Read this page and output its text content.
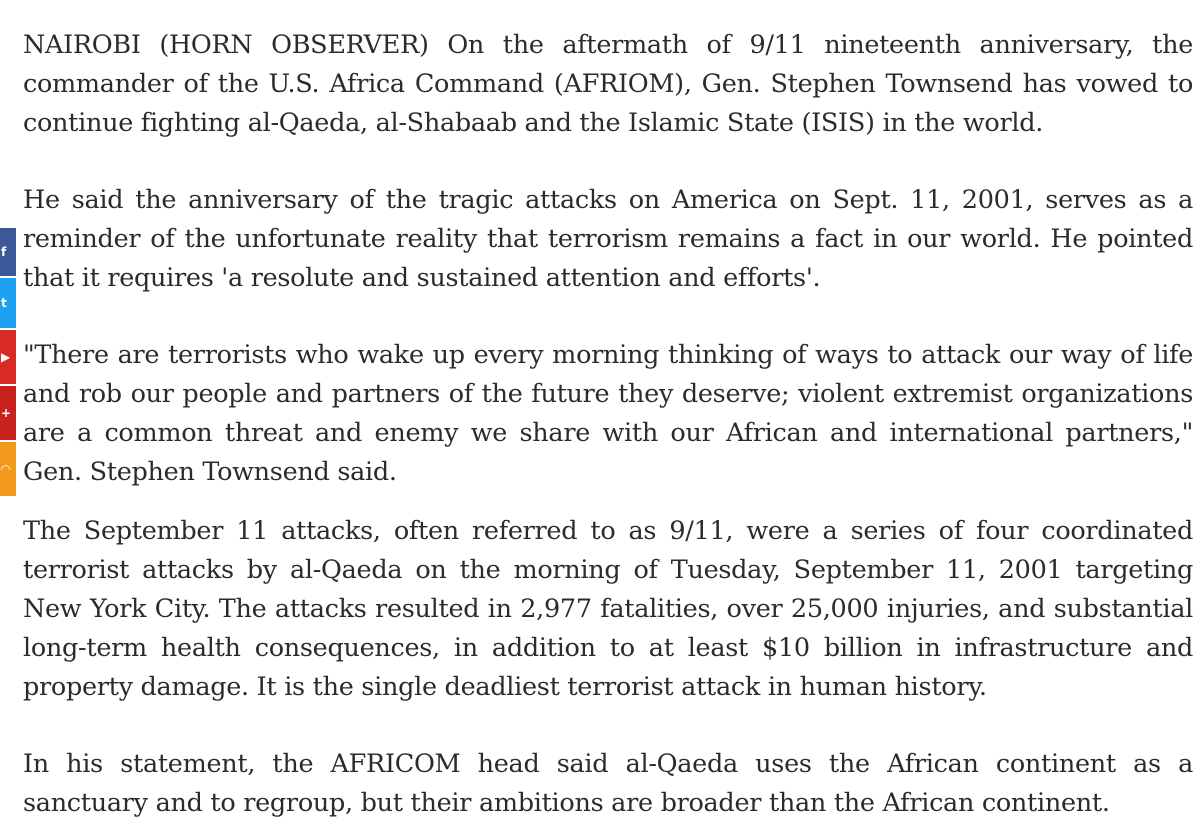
f
t
▶
+
◠

NAIROBI (HORN OBSERVER) On the aftermath of 9/11 nineteenth anniversary, the commander of the U.S. Africa Command (AFRIOM), Gen. Stephen Townsend has vowed to continue fighting al-Qaeda, al-Shabaab and the Islamic State (ISIS) in the world.

He said the anniversary of the tragic attacks on America on Sept. 11, 2001, serves as a reminder of the unfortunate reality that terrorism remains a fact in our world. He pointed that it requires 'a resolute and sustained attention and efforts'.

"There are terrorists who wake up every morning thinking of ways to attack our way of life and rob our people and partners of the future they deserve; violent extremist organizations are a common threat and enemy we share with our African and international partners," Gen. Stephen Townsend said.

The September 11 attacks, often referred to as 9/11, were a series of four coordinated terrorist attacks by al-Qaeda on the morning of Tuesday, September 11, 2001 targeting New York City. The attacks resulted in 2,977 fatalities, over 25,000 injuries, and substantial long-term health consequences, in addition to at least $10 billion in infrastructure and property damage. It is the single deadliest terrorist attack in human history.

In his statement, the AFRICOM head said al-Qaeda uses the African continent as a sanctuary and to regroup, but their ambitions are broader than the African continent.
